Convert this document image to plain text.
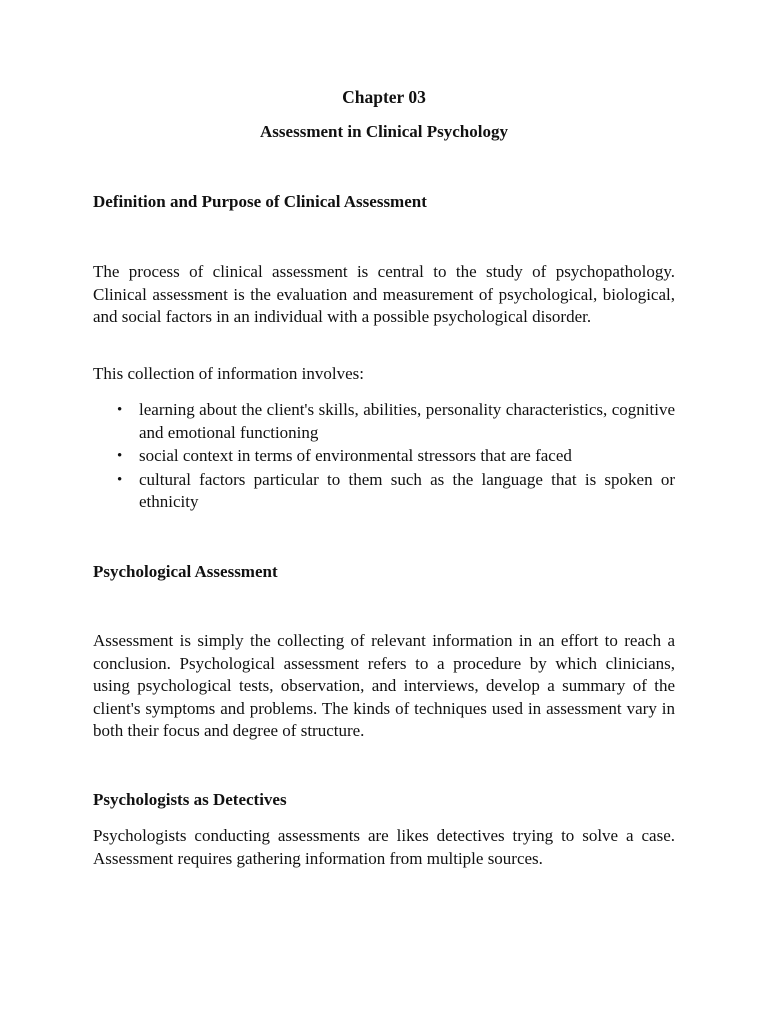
Chapter 03
Assessment in Clinical Psychology
Definition and Purpose of Clinical Assessment

The process of clinical assessment is central to the study of psychopathology. Clinical assessment is the evaluation and measurement of psychological, biological, and social factors in an individual with a possible psychological disorder.

This collection of information involves:

• learning about the client's skills, abilities, personality characteristics, cognitive and emotional functioning
• social context in terms of environmental stressors that are faced
• cultural factors particular to them such as the language that is spoken or ethnicity
Psychological Assessment

Assessment is simply the collecting of relevant information in an effort to reach a conclusion. Psychological assessment refers to a procedure by which clinicians, using psychological tests, observation, and interviews, develop a summary of the client's symptoms and problems. The kinds of techniques used in assessment vary in both their focus and degree of structure.

Psychologists as Detectives

Psychologists conducting assessments are likes detectives trying to solve a case. Assessment requires gathering information from multiple sources.
